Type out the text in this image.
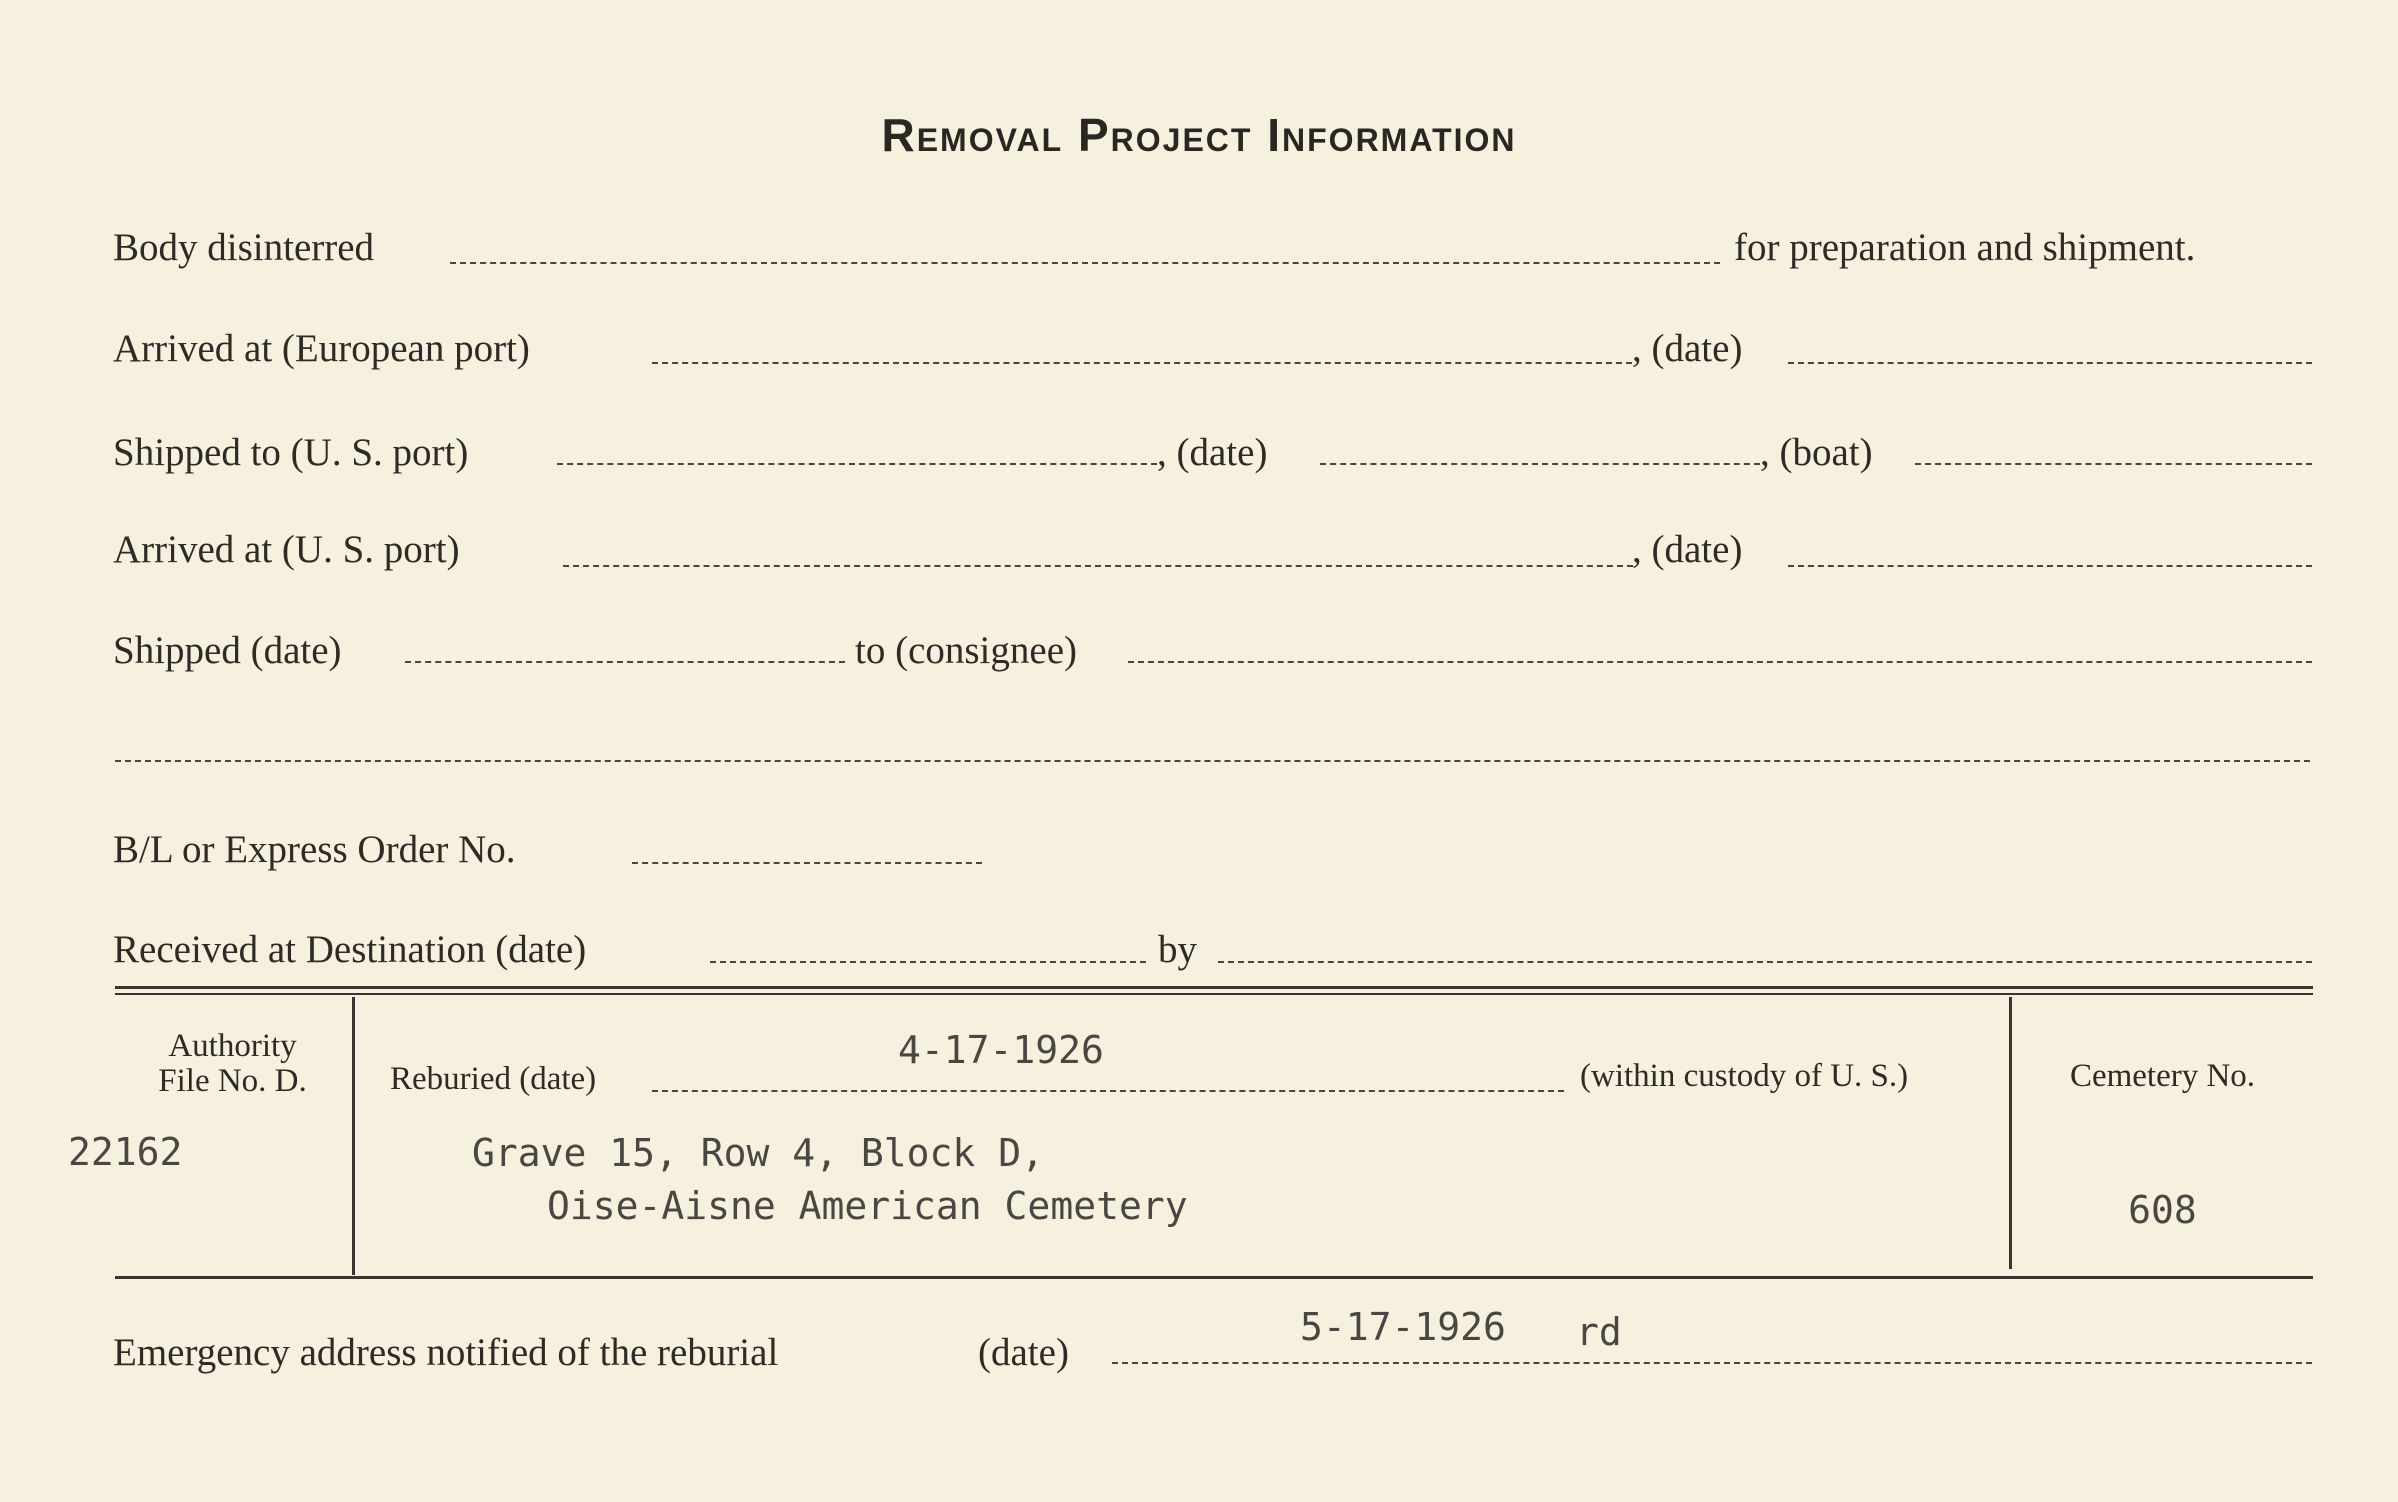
Removal Project Information
Body disinterred	for preparation and shipment.
Arrived at (European port)	, (date)
Shipped to (U. S. port)	, (date)	, (boat)
Arrived at (U. S. port)	, (date)
Shipped (date)	to (consignee)
B/L or Express Order No.
Received at Destination (date)	by
Authority
File No. D.
22162
Reburied (date)
4-17-1926
(within custody of U. S.)
Grave 15, Row 4, Block D,
Oise-Aisne American Cemetery
Cemetery No.
608
Emergency address notified of the reburial	(date)
5-17-1926 rd
